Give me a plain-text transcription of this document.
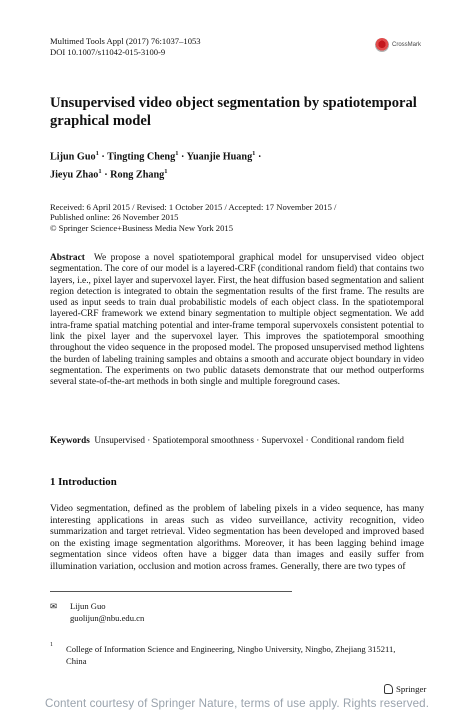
Multimed Tools Appl (2017) 76:1037–1053
DOI 10.1007/s11042-015-3100-9
CrossMark
Unsupervised video object segmentation by spatiotemporal graphical model
Lijun Guo$^1$ · Tingting Cheng$^1$ · Yuanjie Huang$^1$ ·
Jieyu Zhao$^1$ · Rong Zhang$^1$
Received: 6 April 2015 / Revised: 1 October 2015 / Accepted: 17 November 2015 /
Published online: 26 November 2015
© Springer Science+Business Media New York 2015
Abstract We propose a novel spatiotemporal graphical model for unsupervised video object segmentation. The core of our model is a layered-CRF (conditional random field) that contains two layers, i.e., pixel layer and supervoxel layer. First, the heat diffusion based segmentation and salient region detection is integrated to obtain the segmentation results of the first frame. The results are used as input seeds to train dual probabilistic models of each object class. In the spatiotemporal layered-CRF framework we extend binary segmentation to multiple object segmentation. We add intra-frame spatial matching potential and inter-frame temporal supervoxels consistent potential to link the pixel layer and the supervoxel layer. This improves the spatiotemporal smoothing throughout the video sequence in the proposed model. The proposed unsupervised method lightens the burden of labeling training samples and obtains a smooth and accurate object boundary in video segmentation. The experiments on two public datasets demonstrate that our method outperforms several state-of-the-art methods in both single and multiple foreground cases.
Keywords Unsupervised · Spatiotemporal smoothness · Supervoxel · Conditional random field
1 Introduction
Video segmentation, defined as the problem of labeling pixels in a video sequence, has many interesting applications in areas such as video surveillance, activity recognition, video summarization and target retrieval. Video segmentation has been developed and improved based on the existing image segmentation algorithms. Moreover, it has been lagging behind image segmentation since videos often have a bigger data than images and easily suffer from illumination variation, occlusion and motion across frames. Generally, there are two types of
✉ Lijun Guo
guolijun@nbu.edu.cn
1 College of Information Science and Engineering, Ningbo University, Ningbo, Zhejiang 315211,
China
Springer
Content courtesy of Springer Nature, terms of use apply. Rights reserved.
